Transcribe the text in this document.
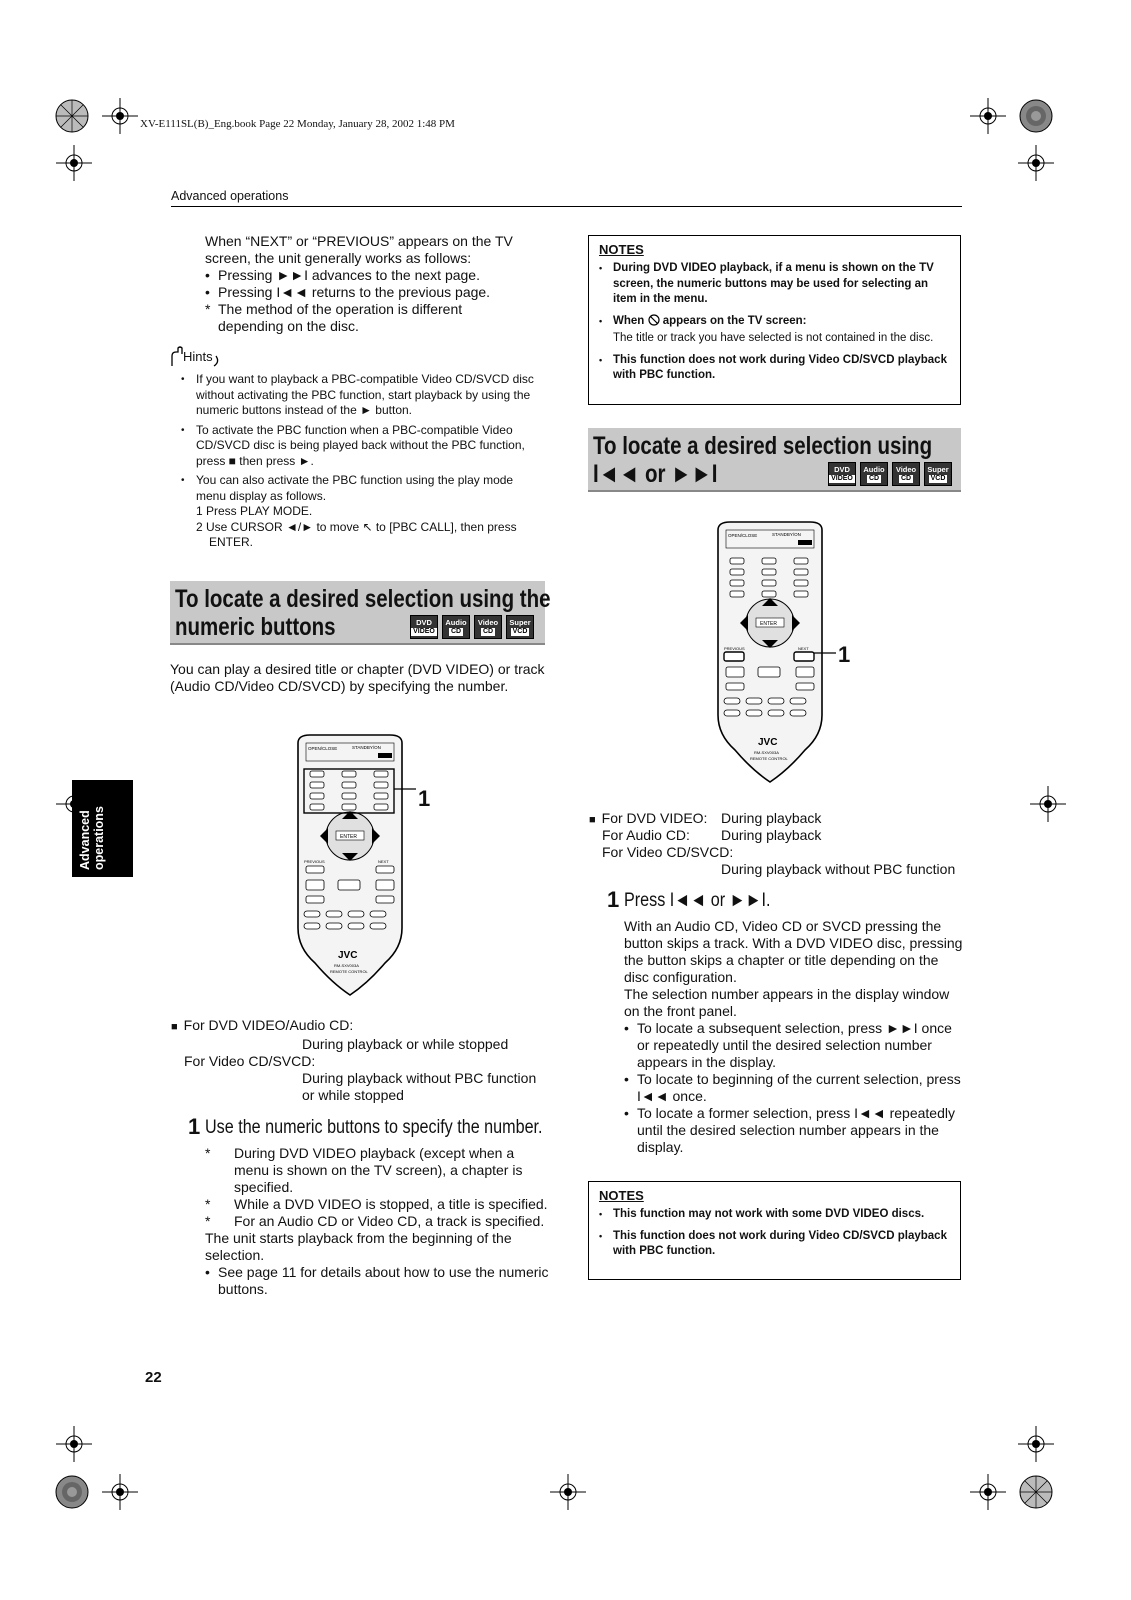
XV-E111SL(B)_Eng.book Page 22 Monday, January 28, 2002 1:48 PM
Advanced operations
When “NEXT” or “PREVIOUS” appears on the TV
screen, the unit generally works as follows:
• Pressing ►►I advances to the next page.
• Pressing I◄◄ returns to the previous page.
* The method of the operation is different
depending on the disc.
Hints
• If you want to playback a PBC-compatible Video CD/SVCD disc without activating the PBC function, start playback by using the numeric buttons instead of the ► button.
• To activate the PBC function when a PBC-compatible Video CD/SVCD disc is being played back without the PBC function, press ■ then press ►.
• You can also activate the PBC function using the play mode menu display as follows.
1 Press PLAY MODE.
2 Use CURSOR ◄/► to move ↖ to [PBC CALL], then press
ENTER.
To locate a desired selection using the
numeric buttons	DVD
VIDEO
Audio
CD
Video
CD
Super
VCD
You can play a desired title or chapter (DVD VIDEO) or track (Audio CD/Video CD/SVCD) by specifying the number.
OPEN/CLOSE	STANDBY/ON
ENTER
PREVIOUS	NEXT
JVC
RM-SXV003A
REMOTE CONTROL
1
■ For DVD VIDEO/Audio CD:
During playback or while stopped
For Video CD/SVCD:
During playback without PBC function
or while stopped
1 Use the numeric buttons to specify the number.
* During DVD VIDEO playback (except when a menu is shown on the TV screen), a chapter is specified.
* While a DVD VIDEO is stopped, a title is specified.
* For an Audio CD or Video CD, a track is specified.
The unit starts playback from the beginning of the selection.
• See page 11 for details about how to use the numeric buttons.
Advanced operations
NOTES
• During DVD VIDEO playback, if a menu is shown on the TV screen, the numeric buttons may be used for selecting an item in the menu.
• When appears on the TV screen:
The title or track you have selected is not contained in the disc.
• This function does not work during Video CD/SVCD playback with PBC function.
To locate a desired selection using
I◄◄ or ►►I	DVD
VIDEO
Audio
CD
Video
CD
Super
VCD
OPEN/CLOSE	STANDBY/ON
ENTER
PREVIOUS	NEXT
JVC
RM-SXV003A
REMOTE CONTROL
1
■ For DVD VIDEO: During playback
For Audio CD: During playback
For Video CD/SVCD:
During playback without PBC function
1 Press I◄◄ or ►►I.
With an Audio CD, Video CD or SVCD pressing the button skips a track. With a DVD VIDEO disc, pressing the button skips a chapter or title depending on the disc configuration.
The selection number appears in the display window on the front panel.
• To locate a subsequent selection, press ►►I once or repeatedly until the desired selection number appears in the display.
• To locate to beginning of the current selection, press I◄◄ once.
• To locate a former selection, press I◄◄ repeatedly until the desired selection number appears in the display.
NOTES
• This function may not work with some DVD VIDEO discs.
• This function does not work during Video CD/SVCD playback with PBC function.
22
